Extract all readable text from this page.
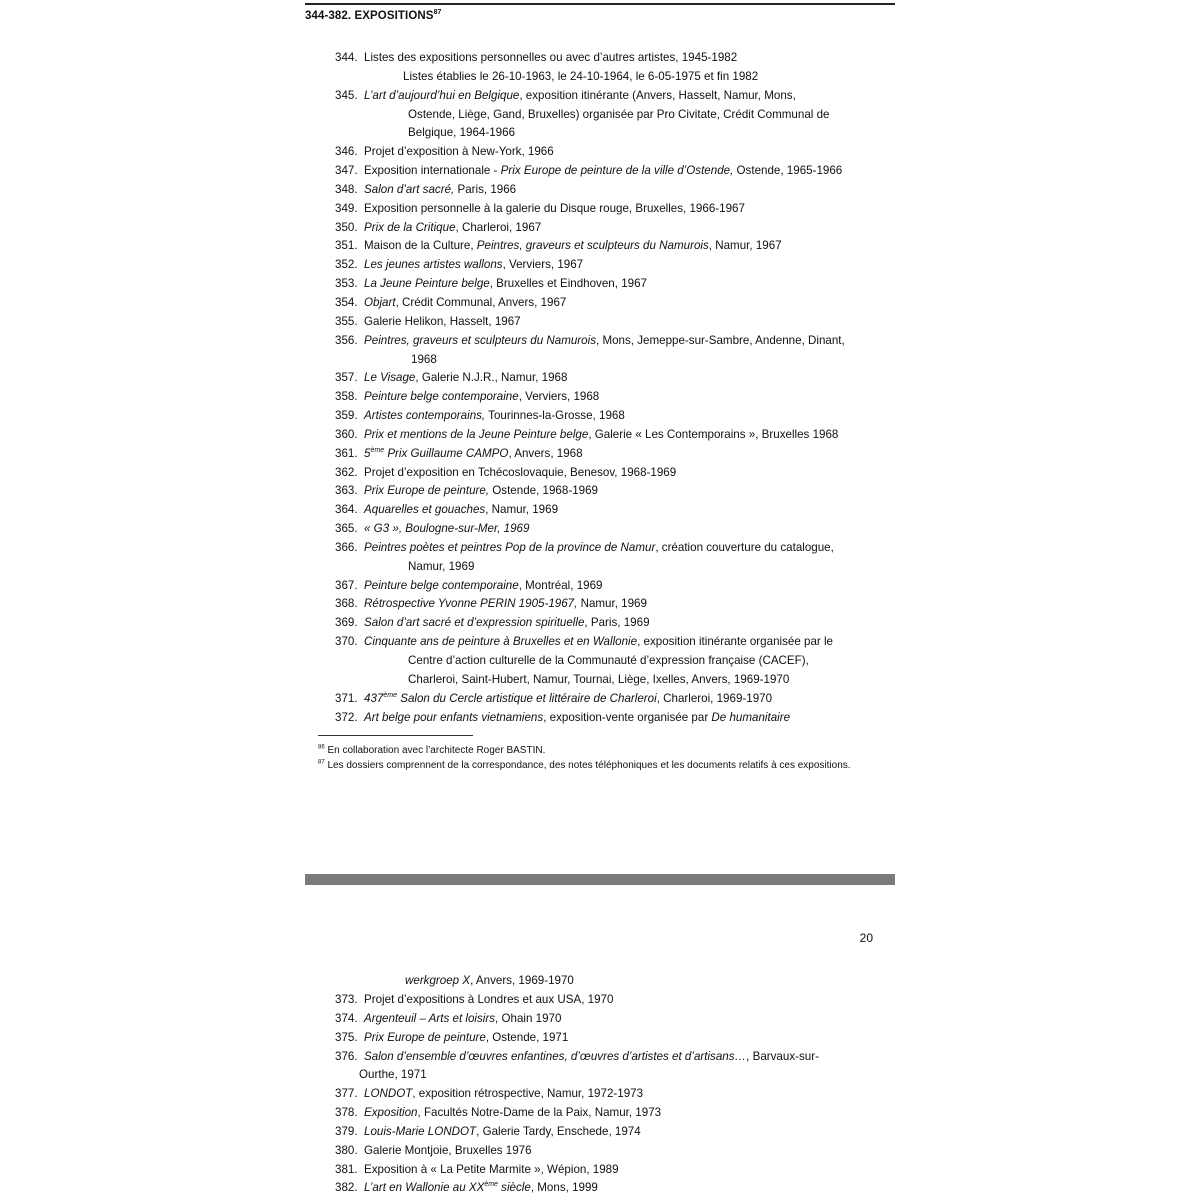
344-382. EXPOSITIONS$^{87}$
344. Listes des expositions personnelles ou avec d’autres artistes, 1945-1982
Listes établies le 26-10-1963, le 24-10-1964, le 6-05-1975 et fin 1982
345. L’art d’aujourd’hui en Belgique, exposition itinérante (Anvers, Hasselt, Namur, Mons,
Ostende, Liège, Gand, Bruxelles) organisée par Pro Civitate, Crédit Communal de
Belgique, 1964-1966
346. Projet d’exposition à New-York, 1966
347. Exposition internationale - Prix Europe de peinture de la ville d’Ostende, Ostende, 1965-1966
348. Salon d’art sacré, Paris, 1966
349. Exposition personnelle à la galerie du Disque rouge, Bruxelles, 1966-1967
350. Prix de la Critique, Charleroi, 1967
351. Maison de la Culture, Peintres, graveurs et sculpteurs du Namurois, Namur, 1967
352. Les jeunes artistes wallons, Verviers, 1967
353. La Jeune Peinture belge, Bruxelles et Eindhoven, 1967
354. Objart, Crédit Communal, Anvers, 1967
355. Galerie Helikon, Hasselt, 1967
356. Peintres, graveurs et sculpteurs du Namurois, Mons, Jemeppe-sur-Sambre, Andenne, Dinant,
1968
357. Le Visage, Galerie N.J.R., Namur, 1968
358. Peinture belge contemporaine, Verviers, 1968
359. Artistes contemporains, Tourinnes-la-Grosse, 1968
360. Prix et mentions de la Jeune Peinture belge, Galerie « Les Contemporains », Bruxelles 1968
361. 5ème Prix Guillaume CAMPO, Anvers, 1968
362. Projet d’exposition en Tchécoslovaquie, Benesov, 1968-1969
363. Prix Europe de peinture, Ostende, 1968-1969
364. Aquarelles et gouaches, Namur, 1969
365. « G3 », Boulogne-sur-Mer, 1969
366. Peintres poètes et peintres Pop de la province de Namur, création couverture du catalogue,
Namur, 1969
367. Peinture belge contemporaine, Montréal, 1969
368. Rétrospective Yvonne PERIN 1905-1967, Namur, 1969
369. Salon d’art sacré et d’expression spirituelle, Paris, 1969
370. Cinquante ans de peinture à Bruxelles et en Wallonie, exposition itinérante organisée par le
Centre d’action culturelle de la Communauté d’expression française (CACEF),
Charleroi, Saint-Hubert, Namur, Tournai, Liège, Ixelles, Anvers, 1969-1970
371. 437ème Salon du Cercle artistique et littéraire de Charleroi, Charleroi, 1969-1970
372. Art belge pour enfants vietnamiens, exposition-vente organisée par De humanitaire
$^{86}$ En collaboration avec l’architecte Roger BASTIN.
$^{87}$ Les dossiers comprennent de la correspondance, des notes téléphoniques et les documents relatifs à ces expositions.
20
werkgroep X, Anvers, 1969-1970
373. Projet d’expositions à Londres et aux USA, 1970
374. Argenteuil – Arts et loisirs, Ohain 1970
375. Prix Europe de peinture, Ostende, 1971
376. Salon d’ensemble d’œuvres enfantines, d’œuvres d’artistes et d’artisans…, Barvaux-sur-
Ourthe, 1971
377. LONDOT, exposition rétrospective, Namur, 1972-1973
378. Exposition, Facultés Notre-Dame de la Paix, Namur, 1973
379. Louis-Marie LONDOT, Galerie Tardy, Enschede, 1974
380. Galerie Montjoie, Bruxelles 1976
381. Exposition à « La Petite Marmite », Wépion, 1989
382. L’art en Wallonie au XXème siècle, Mons, 1999
